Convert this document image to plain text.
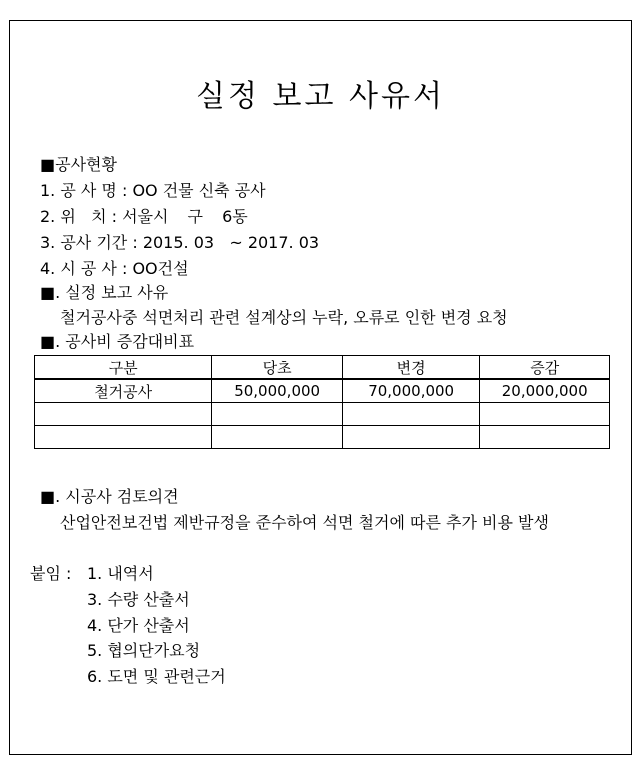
실정 보고 사유서
■공사현황
1. 공 사 명 : OO 건물 신축 공사
2. 위   치 : 서울시 구 6동
3. 공사 기간 : 2015. 03   ~ 2017. 03
4. 시 공 사 : OO건설
■. 실정 보고 사유
철거공사중 석면처리 관련 설계상의 누락, 오류로 인한 변경 요청
■. 공사비 증감대비표
구분	당초	변경	증감
철거공사	50,000,000	70,000,000	20,000,000

■. 시공사 검토의견
산업안전보건법 제반규정을 준수하여 석면 철거에 따른 추가 비용 발생
붙임 : 1. 내역서
3. 수량 산출서
4. 단가 산출서
5. 협의단가요청
6. 도면 및 관련근거
